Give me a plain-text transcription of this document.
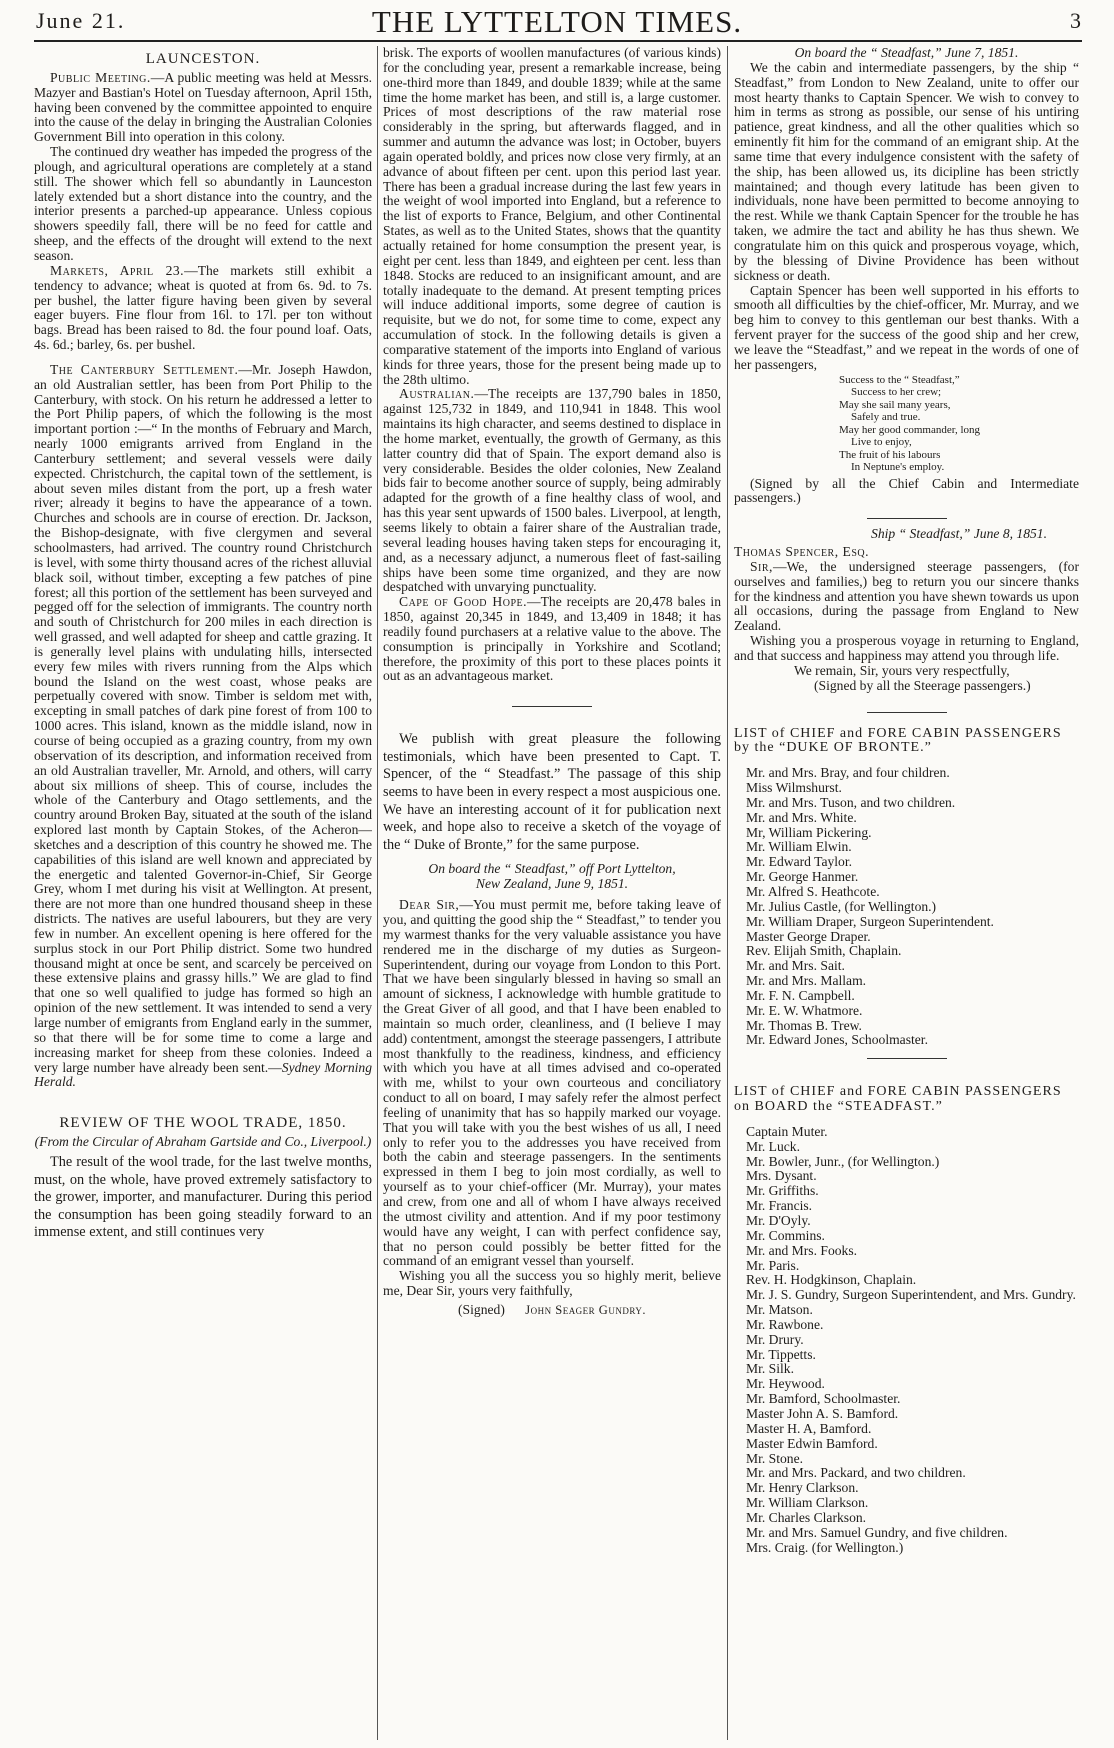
June 21.	THE LYTTELTON TIMES.	3
LAUNCESTON.

Public Meeting.—A public meeting was held at Messrs. Mazyer and Bastian's Hotel on Tuesday afternoon, April 15th, having been convened by the committee appointed to enquire into the cause of the delay in bringing the Australian Colonies Government Bill into operation in this colony.

The continued dry weather has impeded the progress of the plough, and agricultural operations are completely at a stand still. The shower which fell so abundantly in Launceston lately extended but a short distance into the country, and the interior presents a parched-up appearance. Unless copious showers speedily fall, there will be no feed for cattle and sheep, and the effects of the drought will extend to the next season.

Markets, April 23.—The markets still exhibit a tendency to advance; wheat is quoted at from 6s. 9d. to 7s. per bushel, the latter figure having been given by several eager buyers. Fine flour from 16l. to 17l. per ton without bags. Bread has been raised to 8d. the four pound loaf. Oats, 4s. 6d.; barley, 6s. per bushel.

The Canterbury Settlement.—Mr. Joseph Hawdon, an old Australian settler, has been from Port Philip to the Canterbury, with stock. On his return he addressed a letter to the Port Philip papers, of which the following is the most important portion :—“ In the months of February and March, nearly 1000 emigrants arrived from England in the Canterbury settlement; and several vessels were daily expected. Christchurch, the capital town of the settlement, is about seven miles distant from the port, up a fresh water river; already it begins to have the appearance of a town. Churches and schools are in course of erection. Dr. Jackson, the Bishop-designate, with five clergymen and several schoolmasters, had arrived. The country round Christchurch is level, with some thirty thousand acres of the richest alluvial black soil, without timber, excepting a few patches of pine forest; all this portion of the settlement has been surveyed and pegged off for the selection of immigrants. The country north and south of Christchurch for 200 miles in each direction is well grassed, and well adapted for sheep and cattle grazing. It is generally level plains with undulating hills, intersected every few miles with rivers running from the Alps which bound the Island on the west coast, whose peaks are perpetually covered with snow. Timber is seldom met with, excepting in small patches of dark pine forest of from 100 to 1000 acres. This island, known as the middle island, now in course of being occupied as a grazing country, from my own observation of its description, and information received from an old Australian traveller, Mr. Arnold, and others, will carry about six millions of sheep. This of course, includes the whole of the Canterbury and Otago settlements, and the country around Broken Bay, situated at the south of the island explored last month by Captain Stokes, of the Acheron—sketches and a description of this country he showed me. The capabilities of this island are well known and appreciated by the energetic and talented Governor-in-Chief, Sir George Grey, whom I met during his visit at Wellington. At present, there are not more than one hundred thousand sheep in these districts. The natives are useful labourers, but they are very few in number. An excellent opening is here offered for the surplus stock in our Port Philip district. Some two hundred thousand might at once be sent, and scarcely be perceived on these extensive plains and grassy hills.” We are glad to find that one so well qualified to judge has formed so high an opinion of the new settlement. It was intended to send a very large number of emigrants from England early in the summer, so that there will be for some time to come a large and increasing market for sheep from these colonies. Indeed a very large number have already been sent.—Sydney Morning Herald.

REVIEW OF THE WOOL TRADE, 1850.

(From the Circular of Abraham Gartside and Co., Liverpool.)

The result of the wool trade, for the last twelve months, must, on the whole, have proved extremely satisfactory to the grower, importer, and manufacturer. During this period the consumption has been going steadily forward to an immense extent, and still continues very

brisk. The exports of woollen manufactures (of various kinds) for the concluding year, present a remarkable increase, being one-third more than 1849, and double 1839; while at the same time the home market has been, and still is, a large customer. Prices of most descriptions of the raw material rose considerably in the spring, but afterwards flagged, and in summer and autumn the advance was lost; in October, buyers again operated boldly, and prices now close very firmly, at an advance of about fifteen per cent. upon this period last year. There has been a gradual increase during the last few years in the weight of wool imported into England, but a reference to the list of exports to France, Belgium, and other Continental States, as well as to the United States, shows that the quantity actually retained for home consumption the present year, is eight per cent. less than 1849, and eighteen per cent. less than 1848. Stocks are reduced to an insignificant amount, and are totally inadequate to the demand. At present tempting prices will induce additional imports, some degree of caution is requisite, but we do not, for some time to come, expect any accumulation of stock. In the following details is given a comparative statement of the imports into England of various kinds for three years, those for the present being made up to the 28th ultimo.

Australian.—The receipts are 137,790 bales in 1850, against 125,732 in 1849, and 110,941 in 1848. This wool maintains its high character, and seems destined to displace in the home market, eventually, the growth of Germany, as this latter country did that of Spain. The export demand also is very considerable. Besides the older colonies, New Zealand bids fair to become another source of supply, being admirably adapted for the growth of a fine healthy class of wool, and has this year sent upwards of 1500 bales. Liverpool, at length, seems likely to obtain a fairer share of the Australian trade, several leading houses having taken steps for encouraging it, and, as a necessary adjunct, a numerous fleet of fast-sailing ships have been some time organized, and they are now despatched with unvarying punctuality.

Cape of Good Hope.—The receipts are 20,478 bales in 1850, against 20,345 in 1849, and 13,409 in 1848; it has readily found purchasers at a relative value to the above. The consumption is principally in Yorkshire and Scotland; therefore, the proximity of this port to these places points it out as an advantageous market.

We publish with great pleasure the following testimonials, which have been presented to Capt. T. Spencer, of the “ Steadfast.” The passage of this ship seems to have been in every respect a most auspicious one. We have an interesting account of it for publication next week, and hope also to receive a sketch of the voyage of the “ Duke of Bronte,” for the same purpose.

On board the “ Steadfast,” off Port Lyttelton,

New Zealand, June 9, 1851.

Dear Sir,—You must permit me, before taking leave of you, and quitting the good ship the “ Steadfast,” to tender you my warmest thanks for the very valuable assistance you have rendered me in the discharge of my duties as Surgeon-Superintendent, during our voyage from London to this Port. That we have been singularly blessed in having so small an amount of sickness, I acknowledge with humble gratitude to the Great Giver of all good, and that I have been enabled to maintain so much order, cleanliness, and (I believe I may add) contentment, amongst the steerage passengers, I attribute most thankfully to the readiness, kindness, and efficiency with which you have at all times advised and co-operated with me, whilst to your own courteous and conciliatory conduct to all on board, I may safely refer the almost perfect feeling of unanimity that has so happily marked our voyage. That you will take with you the best wishes of us all, I need only to refer you to the addresses you have received from both the cabin and steerage passengers. In the sentiments expressed in them I beg to join most cordially, as well to yourself as to your chief-officer (Mr. Murray), your mates and crew, from one and all of whom I have always received the utmost civility and attention. And if my poor testimony would have any weight, I can with perfect confidence say, that no person could possibly be better fitted for the command of an emigrant vessel than yourself.

Wishing you all the success you so highly merit, believe me, Dear Sir, yours very faithfully,

(Signed) John Seager Gundry.

On board the “ Steadfast,” June 7, 1851.

We the cabin and intermediate passengers, by the ship “ Steadfast,” from London to New Zealand, unite to offer our most hearty thanks to Captain Spencer. We wish to convey to him in terms as strong as possible, our sense of his untiring patience, great kindness, and all the other qualities which so eminently fit him for the command of an emigrant ship. At the same time that every indulgence consistent with the safety of the ship, has been allowed us, its dicipline has been strictly maintained; and though every latitude has been given to individuals, none have been permitted to become annoying to the rest. While we thank Captain Spencer for the trouble he has taken, we admire the tact and ability he has thus shewn. We congratulate him on this quick and prosperous voyage, which, by the blessing of Divine Providence has been without sickness or death.

Captain Spencer has been well supported in his efforts to smooth all difficulties by the chief-officer, Mr. Murray, and we beg him to convey to this gentleman our best thanks. With a fervent prayer for the success of the good ship and her crew, we leave the “Steadfast,” and we repeat in the words of one of her passengers,

Success to the “ Steadfast,”
Success to her crew;
May she sail many years,
Safely and true.
May her good commander, long
Live to enjoy,
The fruit of his labours
In Neptune's employ.

(Signed by all the Chief Cabin and Intermediate passengers.)

Ship “ Steadfast,” June 8, 1851.

Thomas Spencer, Esq.

Sir,—We, the undersigned steerage passengers, (for ourselves and families,) beg to return you our sincere thanks for the kindness and attention you have shewn towards us upon all occasions, during the passage from England to New Zealand.

Wishing you a prosperous voyage in returning to England, and that success and happiness may attend you through life.

We remain, Sir, yours very respectfully,

(Signed by all the Steerage passengers.)

LIST of CHIEF and FORE CABIN PASSENGERS by the “DUKE OF BRONTE.”
Mr. and Mrs. Bray, and four children.
Miss Wilmshurst.
Mr. and Mrs. Tuson, and two children.
Mr. and Mrs. White.
Mr, William Pickering.
Mr. William Elwin.
Mr. Edward Taylor.
Mr. George Hanmer.
Mr. Alfred S. Heathcote.
Mr. Julius Castle, (for Wellington.)
Mr. William Draper, Surgeon Superintendent.
Master George Draper.
Rev. Elijah Smith, Chaplain.
Mr. and Mrs. Sait.
Mr. and Mrs. Mallam.
Mr. F. N. Campbell.
Mr. E. W. Whatmore.
Mr. Thomas B. Trew.
Mr. Edward Jones, Schoolmaster.
LIST of CHIEF and FORE CABIN PASSENGERS on BOARD the “STEADFAST.”
Captain Muter.
Mr. Luck.
Mr. Bowler, Junr., (for Wellington.)
Mrs. Dysant.
Mr. Griffiths.
Mr. Francis.
Mr. D'Oyly.
Mr. Commins.
Mr. and Mrs. Fooks.
Mr. Paris.
Rev. H. Hodgkinson, Chaplain.
Mr. J. S. Gundry, Surgeon Superintendent, and Mrs. Gundry.
Mr. Matson.
Mr. Rawbone.
Mr. Drury.
Mr. Tippetts.
Mr. Silk.
Mr. Heywood.
Mr. Bamford, Schoolmaster.
Master John A. S. Bamford.
Master H. A, Bamford.
Master Edwin Bamford.
Mr. Stone.
Mr. and Mrs. Packard, and two children.
Mr. Henry Clarkson.
Mr. William Clarkson.
Mr. Charles Clarkson.
Mr. and Mrs. Samuel Gundry, and five children.
Mrs. Craig. (for Wellington.)
